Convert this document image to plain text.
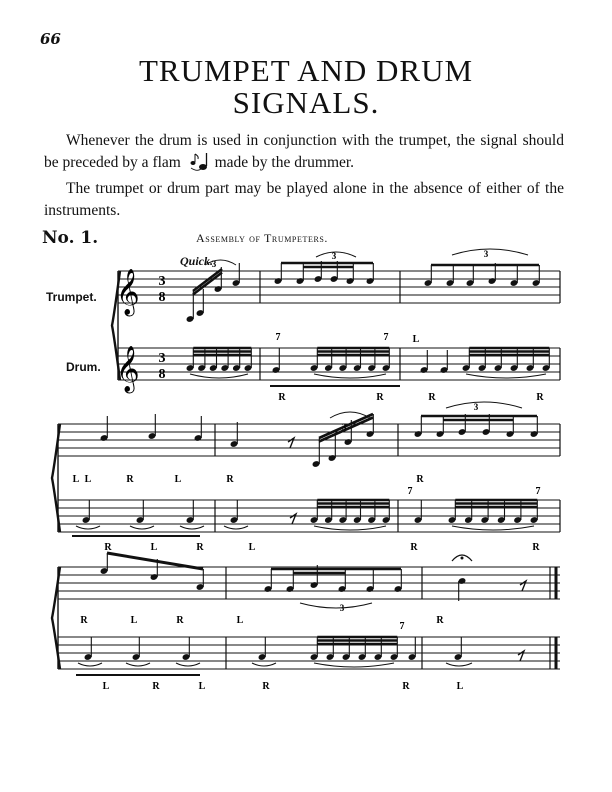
66
TRUMPET AND DRUM
SIGNALS.

Whenever the drum is used in conjunction with the trumpet, the signal should be preceded by a flam made by the drummer.

The trumpet or drum part may be played alone in the absence of either of the instruments.

No. 1.	Assembly of Trumpeters.
Quick.
Trumpet.
Drum.
𝄞
𝄞
3
8
3
8
3
3	3
7	7 L
R	R	R	R
3
3
7	7
L L	R	L	R	R
R	L	R	L	R	R
3
7
R	L	R	L	R
L	R	L	R	R	L
